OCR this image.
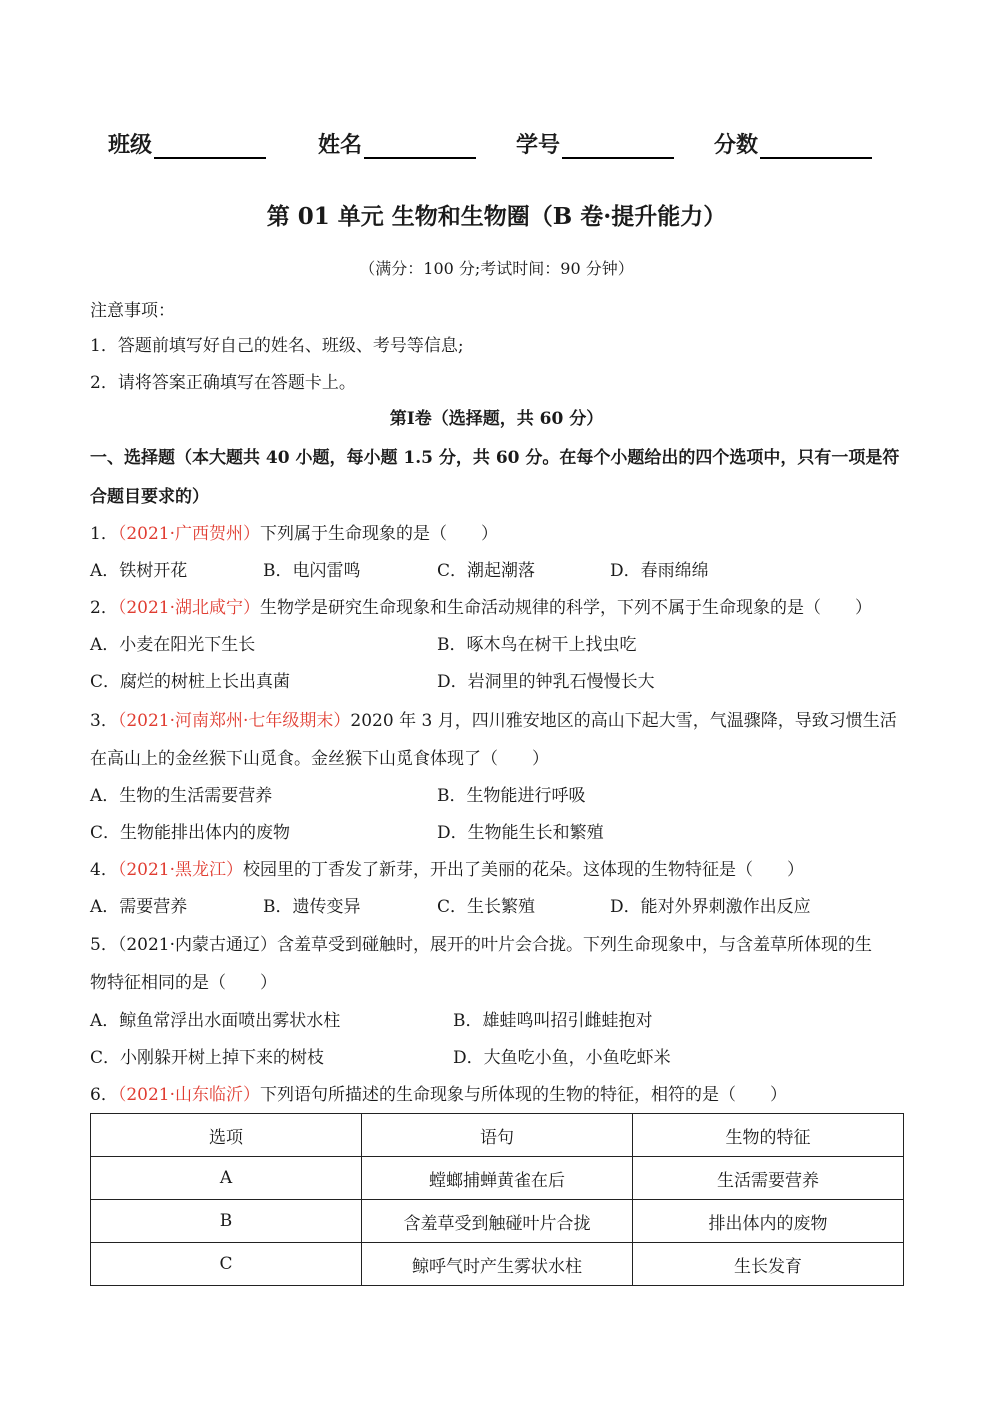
班级	姓名	学号	分数
第 01 单元 生物和生物圈（B 卷·提升能力）
（满分：100 分;考试时间：90 分钟）
注意事项：
1．答题前填写好自己的姓名、班级、考号等信息;
2．请将答案正确填写在答题卡上。
第Ⅰ卷（选择题，共 60 分）
一、选择题（本大题共 40 小题，每小题 1.5 分，共 60 分。在每个小题给出的四个选项中，只有一项是符
合题目要求的）
1．（2021·广西贺州）下列属于生命现象的是（　　）
A．铁树开花	B．电闪雷鸣	C．潮起潮落	D．春雨绵绵
2．（2021·湖北咸宁）生物学是研究生命现象和生命活动规律的科学，下列不属于生命现象的是（　　）
A．小麦在阳光下生长	B．啄木鸟在树干上找虫吃
C．腐烂的树桩上长出真菌	D．岩洞里的钟乳石慢慢长大
3．（2021·河南郑州·七年级期末）2020 年 3 月，四川雅安地区的高山下起大雪，气温骤降，导致习惯生活
在高山上的金丝猴下山觅食。金丝猴下山觅食体现了（　　）
A．生物的生活需要营养	B．生物能进行呼吸
C．生物能排出体内的废物	D．生物能生长和繁殖
4．（2021·黑龙江）校园里的丁香发了新芽，开出了美丽的花朵。这体现的生物特征是（　　）
A．需要营养	B．遗传变异	C．生长繁殖	D．能对外界刺激作出反应
5．（2021·内蒙古通辽）含羞草受到碰触时，展开的叶片会合拢。下列生命现象中，与含羞草所体现的生
物特征相同的是（　　）
A．鲸鱼常浮出水面喷出雾状水柱	B．雄蛙鸣叫招引雌蛙抱对
C．小刚躲开树上掉下来的树枝	D．大鱼吃小鱼，小鱼吃虾米
6．（2021·山东临沂）下列语句所描述的生命现象与所体现的生物的特征，相符的是（　　）
选项	语句	生物的特征
A	螳螂捕蝉黄雀在后	生活需要营养
B	含羞草受到触碰叶片合拢	排出体内的废物
C	鲸呼气时产生雾状水柱	生长发育
